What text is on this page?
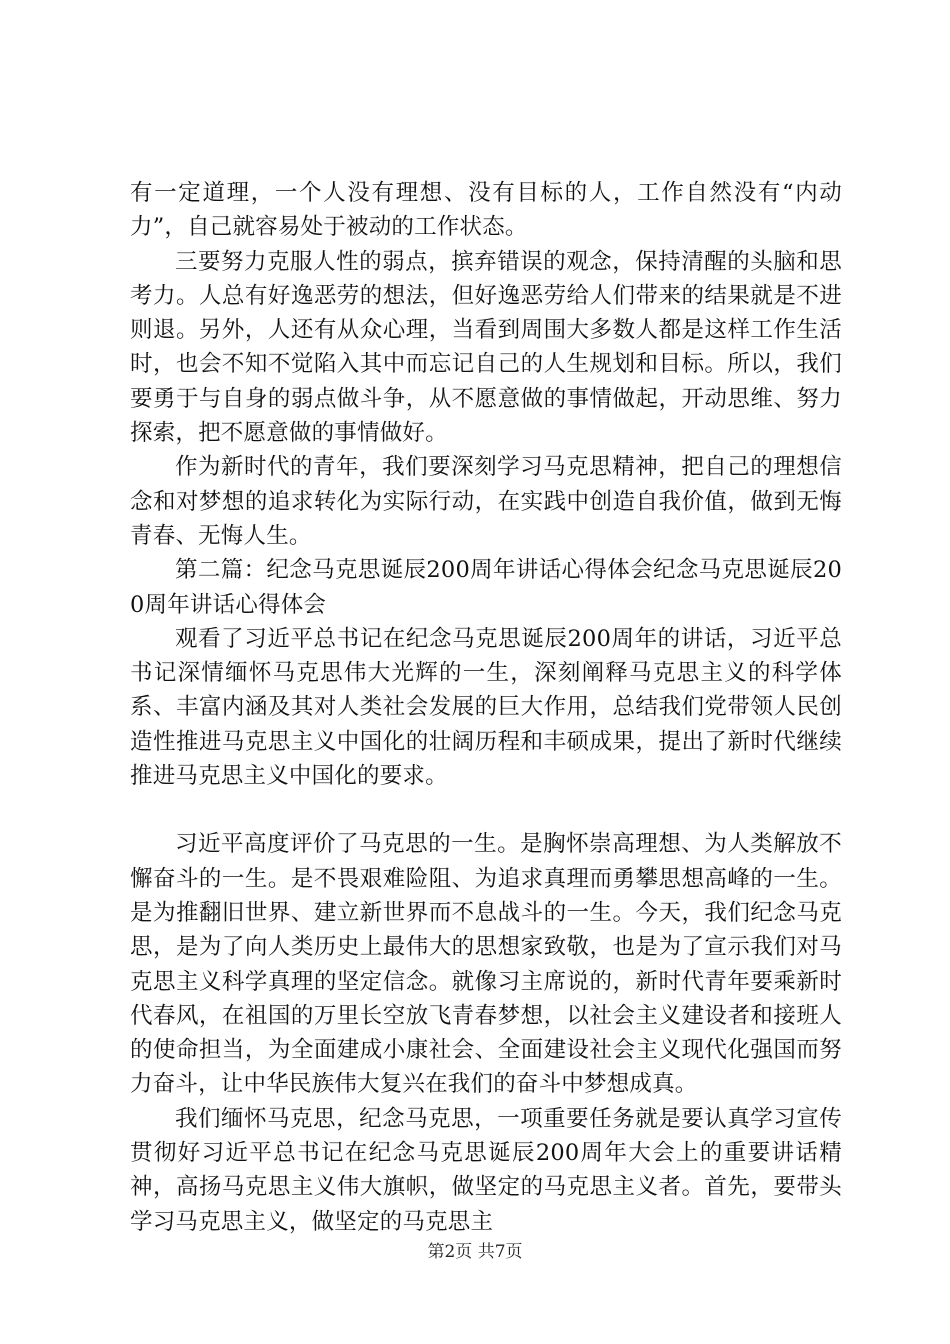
有一定道理，一个人没有理想、没有目标的人，工作自然没有“内动力”，自己就容易处于被动的工作状态。

三要努力克服人性的弱点，摈弃错误的观念，保持清醒的头脑和思考力。人总有好逸恶劳的想法，但好逸恶劳给人们带来的结果就是不进则退。另外，人还有从众心理，当看到周围大多数人都是这样工作生活时，也会不知不觉陷入其中而忘记自己的人生规划和目标。所以，我们要勇于与自身的弱点做斗争，从不愿意做的事情做起，开动思维、努力探索，把不愿意做的事情做好。

作为新时代的青年，我们要深刻学习马克思精神，把自己的理想信念和对梦想的追求转化为实际行动，在实践中创造自我价值，做到无悔青春、无悔人生。

第二篇：纪念马克思诞辰200周年讲话心得体会纪念马克思诞辰200周年讲话心得体会

观看了习近平总书记在纪念马克思诞辰200周年的讲话，习近平总书记深情缅怀马克思伟大光辉的一生，深刻阐释马克思主义的科学体系、丰富内涵及其对人类社会发展的巨大作用，总结我们党带领人民创造性推进马克思主义中国化的壮阔历程和丰硕成果，提出了新时代继续推进马克思主义中国化的要求。

习近平高度评价了马克思的一生。是胸怀崇高理想、为人类解放不懈奋斗的一生。是不畏艰难险阻、为追求真理而勇攀思想高峰的一生。是为推翻旧世界、建立新世界而不息战斗的一生。今天，我们纪念马克思，是为了向人类历史上最伟大的思想家致敬，也是为了宣示我们对马克思主义科学真理的坚定信念。就像习主席说的，新时代青年要乘新时代春风，在祖国的万里长空放飞青春梦想，以社会主义建设者和接班人的使命担当，为全面建成小康社会、全面建设社会主义现代化强国而努力奋斗，让中华民族伟大复兴在我们的奋斗中梦想成真。

我们缅怀马克思，纪念马克思，一项重要任务就是要认真学习宣传贯彻好习近平总书记在纪念马克思诞辰200周年大会上的重要讲话精神，高扬马克思主义伟大旗帜，做坚定的马克思主义者。首先，要带头学习马克思主义，做坚定的马克思主

第2页 共7页
